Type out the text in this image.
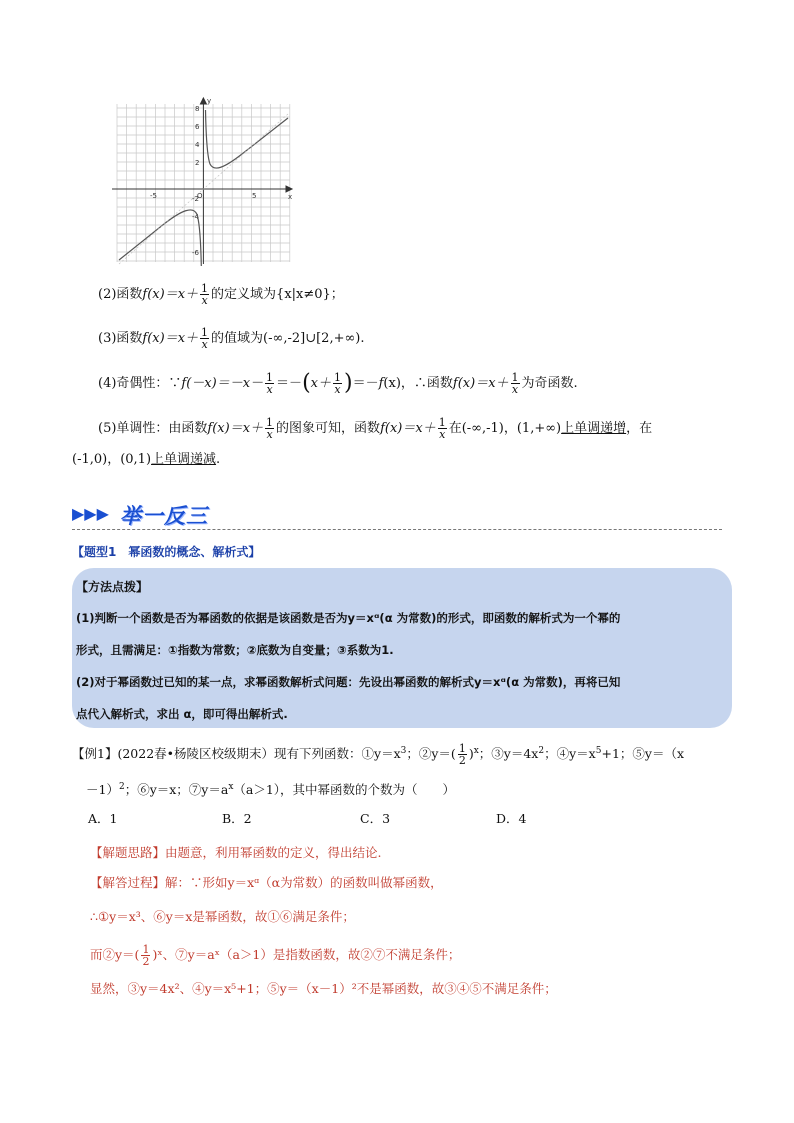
x
y
O
-5	5
8
6
4
2
-2
-4
-6
(2)函数$f(x)=x+ \frac{1}{x}$ 的定义域为{x|x≠0}；
(3)函数$f(x)=x+ \frac{1}{x}$ 的值域为(-∞,-2]∪[2,+∞).
(4)奇偶性：∵f(－x)＝－x－ $\frac{1}{x} =-(x+ \frac{1}{x} )=-f(x)$，∴函数$f(x)=x+ \frac{1}{x}$ 为奇函数.
(5)单调性：由函数$f(x)=x+ \frac{1}{x}$ 的图象可知，函数$f(x)=x+ \frac{1}{x}$ 在(-∞,-1)，(1,+∞)上单调递增，在
(-1,0)，(0,1)上单调递减.
▶▶▶ 举一反三
【题型1　幂函数的概念、解析式】
【方法点拨】
(1)判断一个函数是否为幂函数的依据是该函数是否为y＝xᵅ(α 为常数)的形式，即函数的解析式为一个幂的
形式，且需满足：①指数为常数；②底数为自变量；③系数为1.
(2)对于幂函数过已知的某一点，求幂函数解析式问题：先设出幂函数的解析式y＝xᵅ(α 为常数)，再将已知
点代入解析式，求出 α，即可得出解析式.
【例1】(2022春•杨陵区校级期末）现有下列函数：$①y=x^3$；②y＝( $\frac{1}{2} )^x$；$③y=4x^2$；$④y=x^5+1$；⑤y＝（x
－1）$^2$；⑥y＝x；$⑦y=a^x(a>1)$，其中幂函数的个数为（　　）
A．1	B．2	C．3	D．4
【解题思路】由题意，利用幂函数的定义，得出结论.
【解答过程】解：∵形如y＝xᵅ（α为常数）的函数叫做幂函数，
∴①y＝x³、⑥y＝x是幂函数，故①⑥满足条件；
而②y＝( $\frac{1}{2}$ )ˣ、⑦y＝aˣ（a＞1）是指数函数，故②⑦不满足条件；
显然，③y＝4x²、④y＝x⁵+1；⑤y＝（x－1）²不是幂函数，故③④⑤不满足条件；
